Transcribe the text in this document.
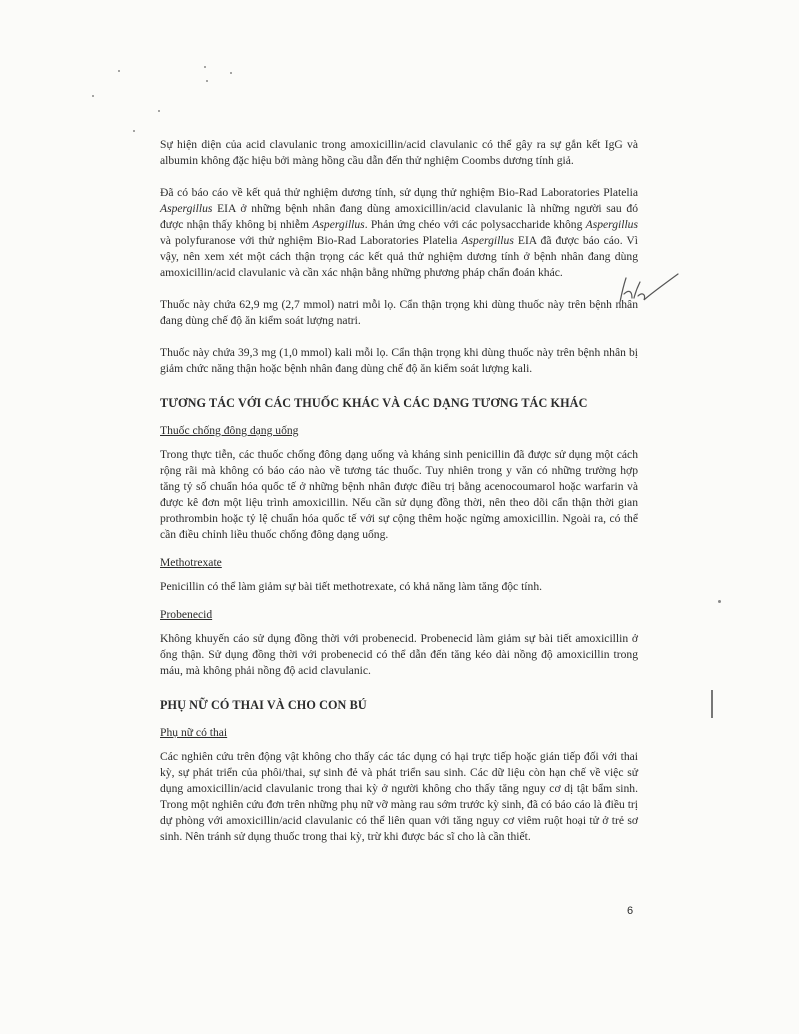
Sự hiện diện của acid clavulanic trong amoxicillin/acid clavulanic có thể gây ra sự gắn kết IgG và albumin không đặc hiệu bởi màng hồng cầu dẫn đến thử nghiệm Coombs dương tính giả.

Đã có báo cáo về kết quả thử nghiệm dương tính, sử dụng thử nghiệm Bio-Rad Laboratories Platelia Aspergillus EIA ở những bệnh nhân đang dùng amoxicillin/acid clavulanic là những người sau đó được nhận thấy không bị nhiễm Aspergillus. Phản ứng chéo với các polysaccharide không Aspergillus và polyfuranose với thử nghiệm Bio-Rad Laboratories Platelia Aspergillus EIA đã được báo cáo. Vì vậy, nên xem xét một cách thận trọng các kết quả thử nghiệm dương tính ở bệnh nhân đang dùng amoxicillin/acid clavulanic và cần xác nhận bằng những phương pháp chẩn đoán khác.

Thuốc này chứa 62,9 mg (2,7 mmol) natri mỗi lọ. Cẩn thận trọng khi dùng thuốc này trên bệnh nhân đang dùng chế độ ăn kiểm soát lượng natri.

Thuốc này chứa 39,3 mg (1,0 mmol) kali mỗi lọ. Cẩn thận trọng khi dùng thuốc này trên bệnh nhân bị giảm chức năng thận hoặc bệnh nhân đang dùng chế độ ăn kiểm soát lượng kali.

TƯƠNG TÁC VỚI CÁC THUỐC KHÁC VÀ CÁC DẠNG TƯƠNG TÁC KHÁC

Thuốc chống đông dạng uống

Trong thực tiễn, các thuốc chống đông dạng uống và kháng sinh penicillin đã được sử dụng một cách rộng rãi mà không có báo cáo nào về tương tác thuốc. Tuy nhiên trong y văn có những trường hợp tăng tỷ số chuẩn hóa quốc tế ở những bệnh nhân được điều trị bằng acenocoumarol hoặc warfarin và được kê đơn một liệu trình amoxicillin. Nếu cần sử dụng đồng thời, nên theo dõi cẩn thận thời gian prothrombin hoặc tỷ lệ chuẩn hóa quốc tế với sự cộng thêm hoặc ngừng amoxicillin. Ngoài ra, có thể cần điều chỉnh liều thuốc chống đông dạng uống.

Methotrexate

Penicillin có thể làm giảm sự bài tiết methotrexate, có khả năng làm tăng độc tính.

Probenecid

Không khuyến cáo sử dụng đồng thời với probenecid. Probenecid làm giảm sự bài tiết amoxicillin ở ống thận. Sử dụng đồng thời với probenecid có thể dẫn đến tăng kéo dài nồng độ amoxicillin trong máu, mà không phải nồng độ acid clavulanic.

PHỤ NỮ CÓ THAI VÀ CHO CON BÚ

Phụ nữ có thai

Các nghiên cứu trên động vật không cho thấy các tác dụng có hại trực tiếp hoặc gián tiếp đối với thai kỳ, sự phát triển của phôi/thai, sự sinh đẻ và phát triển sau sinh. Các dữ liệu còn hạn chế về việc sử dụng amoxicillin/acid clavulanic trong thai kỳ ở người không cho thấy tăng nguy cơ dị tật bẩm sinh. Trong một nghiên cứu đơn trên những phụ nữ vỡ màng rau sớm trước kỳ sinh, đã có báo cáo là điều trị dự phòng với amoxicillin/acid clavulanic có thể liên quan với tăng nguy cơ viêm ruột hoại tử ở trẻ sơ sinh. Nên tránh sử dụng thuốc trong thai kỳ, trừ khi được bác sĩ cho là cần thiết.

6
